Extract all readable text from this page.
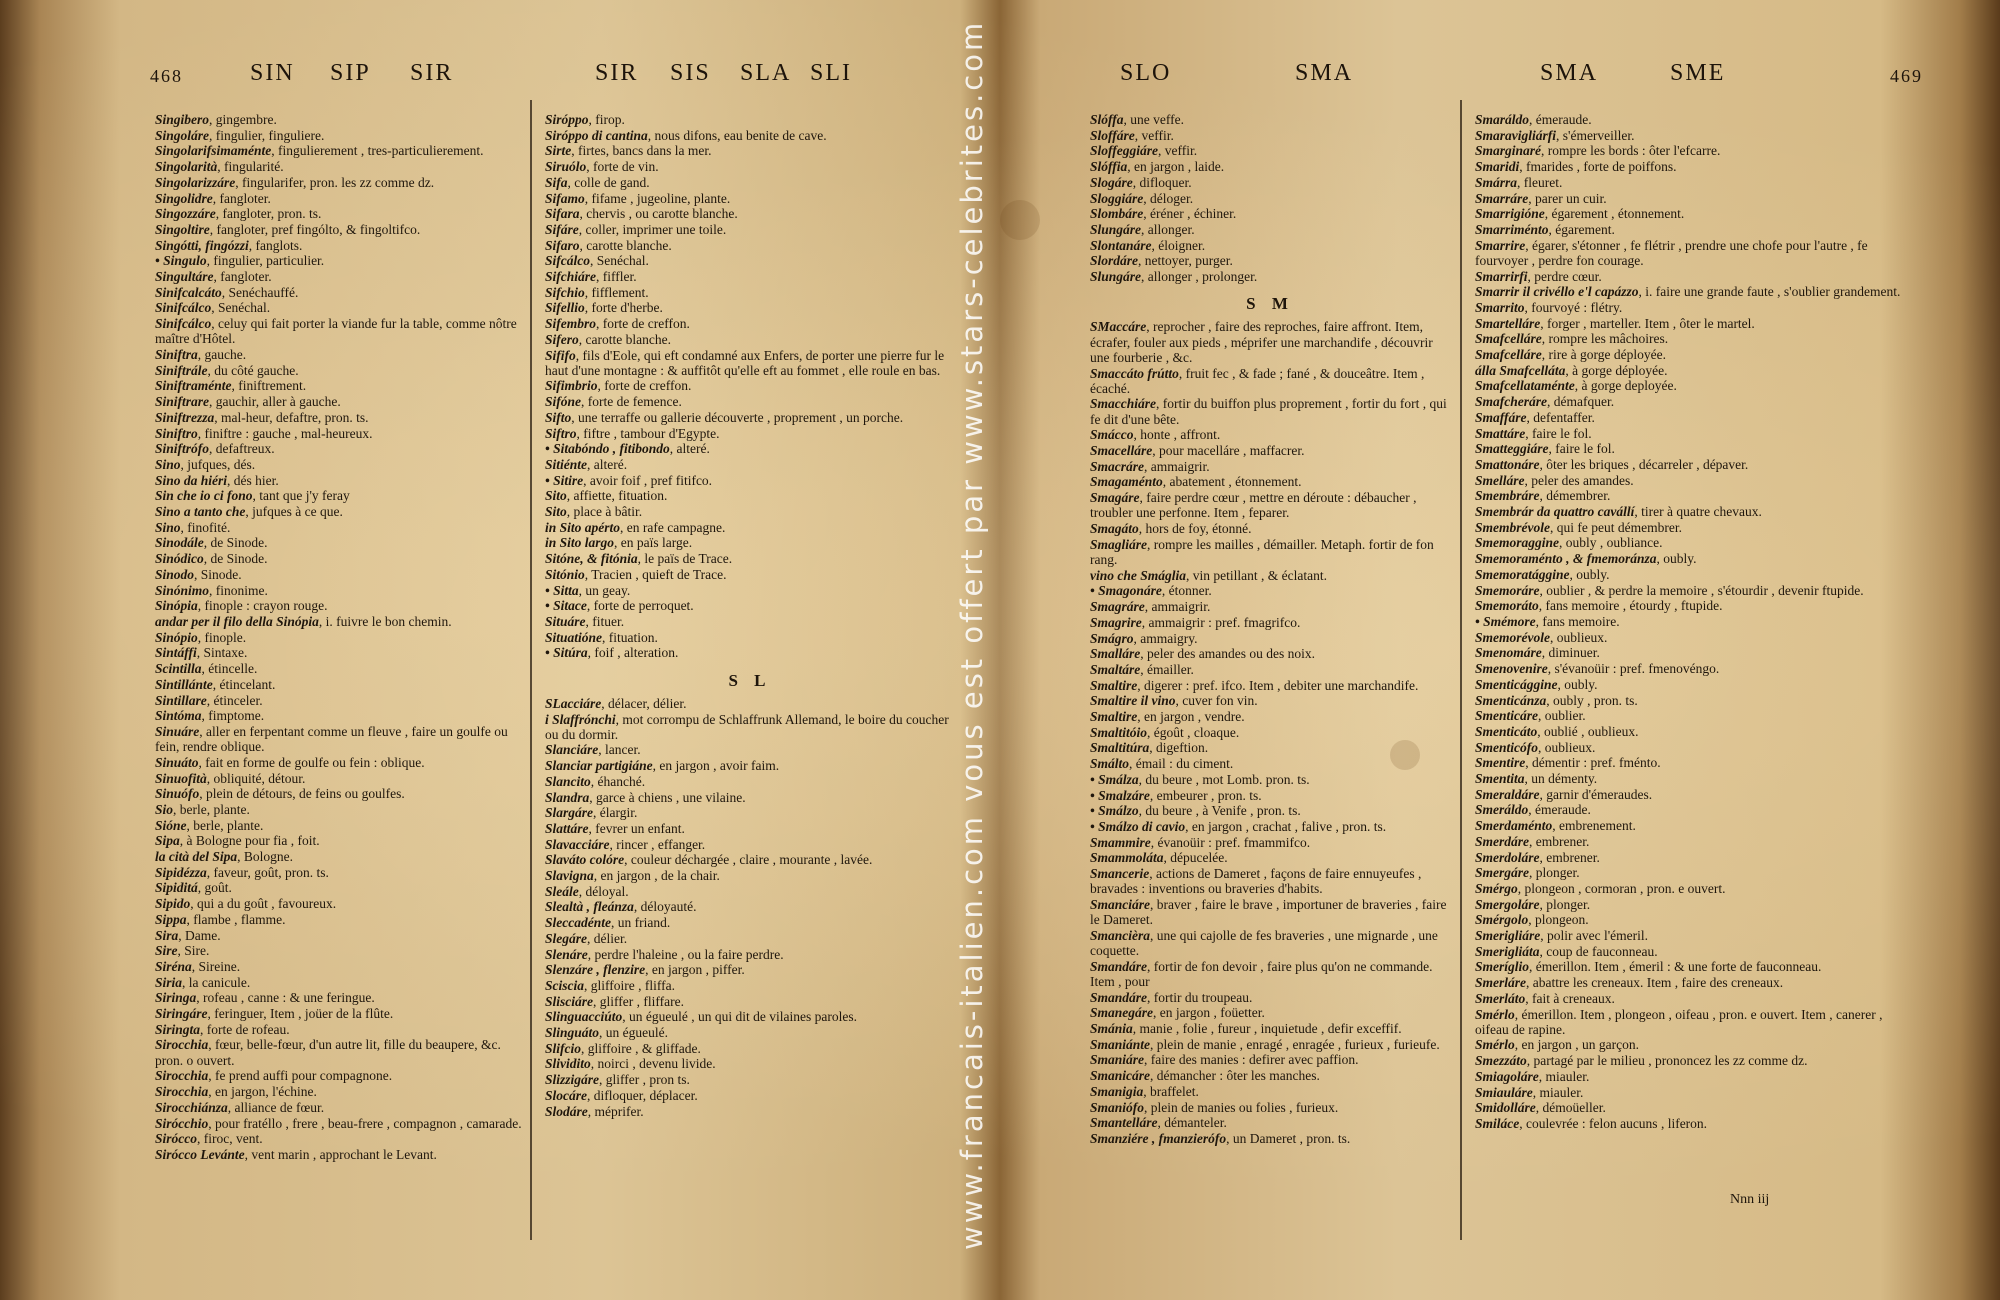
468	SIN SIP SIR	SIR SIS SLA SLI
Singibero, gingembre.
Singoláre, fingulier, finguliere.
Singolarifsimaménte, fingulierement , tres-particulierement.
Singolarità, fingularité.
Singolarizzáre, fingularifer, pron. les zz comme dz.
Singolidre, fangloter.
Singozzáre, fangloter, pron. ts.
Singoltire, fangloter, pref fingólto, & fingoltifco.
Singótti, fingózzi, fanglots.
• Singulo, fingulier, particulier.
Singultáre, fangloter.
Sinifcalcáto, Senéchauffé.
Sinifcálco, Senéchal.
Sinifcálco, celuy qui fait porter la viande fur la table, comme nôtre maître d'Hôtel.
Siniftra, gauche.
Siniftrále, du côté gauche.
Siniftraménte, finiftrement.
Siniftrare, gauchir, aller à gauche.
Siniftrezza, mal-heur, defaftre, pron. ts.
Siniftro, finiftre : gauche , mal-heureux.
Siniftrófo, defaftreux.
Sino, jufques, dés.
Sino da hiéri, dés hier.
Sin che io ci fono, tant que j'y feray
Sino a tanto che, jufques à ce que.
Sino, finofité.
Sinodále, de Sinode.
Sinódico, de Sinode.
Sinodo, Sinode.
Sinónimo, finonime.
Sinópia, finople : crayon rouge.
andar per il filo della Sinópia, i. fuivre le bon chemin.
Sinópio, finople.
Sintáffi, Sintaxe.
Scintilla, étincelle.
Sintillánte, étincelant.
Sintillare, étinceler.
Sintóma, fimptome.
Sinuáre, aller en ferpentant comme un fleuve , faire un goulfe ou fein, rendre oblique.
Sinuáto, fait en forme de goulfe ou fein : oblique.
Sinuofità, obliquité, détour.
Sinuófo, plein de détours, de feins ou goulfes.
Sio, berle, plante.
Sióne, berle, plante.
Sipa, à Bologne pour fia , foit.
la cità del Sipa, Bologne.
Sipidézza, faveur, goût, pron. ts.
Sipiditá, goût.
Sipido, qui a du goût , favoureux.
Sippa, flambe , flamme.
Sira, Dame.
Sire, Sire.
Siréna, Sireine.
Siria, la canicule.
Siringa, rofeau , canne : & une feringue.
Siringáre, feringuer, Item , joüer de la flûte.
Siringta, forte de rofeau.
Sirocchia, fœur, belle-fœur, d'un autre lit, fille du beaupere, &c. pron. o ouvert.
Sirocchia, fe prend auffi pour compagnone.
Sirocchia, en jargon, l'échine.
Sirocchiánza, alliance de fœur.
Sirócchio, pour fratéllo , frere , beau-frere , compagnon , camarade.
Sirócco, firoc, vent.
Sirócco Levánte, vent marin , approchant le Levant.
Siróppo, firop.
Siróppo di cantina, nous difons, eau benite de cave.
Sirte, firtes, bancs dans la mer.
Siruólo, forte de vin.
Sifa, colle de gand.
Sifamo, fifame , jugeoline, plante.
Sifara, chervis , ou carotte blanche.
Sifáre, coller, imprimer une toile.
Sifaro, carotte blanche.
Sifcálco, Senéchal.
Sifchiáre, fiffler.
Sifchio, fifflement.
Sifellio, forte d'herbe.
Sifembro, forte de creffon.
Sifero, carotte blanche.
Sififo, fils d'Eole, qui eft condamné aux Enfers, de porter une pierre fur le haut d'une montagne : & auffitôt qu'elle eft au fommet , elle roule en bas.
Sifimbrio, forte de creffon.
Sifóne, forte de femence.
Sifto, une terraffe ou gallerie découverte , proprement , un porche.
Siftro, fiftre , tambour d'Egypte.
• Sitabóndo , fitibondo, alteré.
Sitiénte, alteré.
• Sitire, avoir foif , pref fitifco.
Sito, affiette, fituation.
Sito, place à bâtir.
in Sito apérto, en rafe campagne.
in Sito largo, en païs large.
Sitóne, & fitónia, le païs de Trace.
Sitónio, Tracien , quieft de Trace.
• Sitta, un geay.
• Sitace, forte de perroquet.
Situáre, fituer.
Situatióne, fituation.
• Sitúra, foif , alteration.
S L
SLacciáre, délacer, délier.
i Slaffrónchi, mot corrompu de Schlaffrunk Allemand, le boire du coucher ou du dormir.
Slanciáre, lancer.
Slanciar partigiáne, en jargon , avoir faim.
Slancito, éhanché.
Slandra, garce à chiens , une vilaine.
Slargáre, élargir.
Slattáre, fevrer un enfant.
Slavacciáre, rincer , effanger.
Slaváto colóre, couleur déchargée , claire , mourante , lavée.
Slavigna, en jargon , de la chair.
Sleále, déloyal.
Slealtà , fleánza, déloyauté.
Sleccadénte, un friand.
Slegáre, délier.
Slenáre, perdre l'haleine , ou la faire perdre.
Slenzáre , flenzire, en jargon , piffer.
Sciscia, gliffoire , fliffa.
Slisciáre, gliffer , fliffare.
Slinguacciúto, un égueulé , un qui dit de vilaines paroles.
Slinguáto, un égueulé.
Slifcio, gliffoire , & gliffade.
Slividito, noirci , devenu livide.
Slizzigáre, gliffer , pron ts.
Slocáre, difloquer, déplacer.
Slodáre, méprifer.
SLO	SMA	SMA	SME	469
Slóffa, une veffe.
Sloffáre, veffir.
Sloffeggiáre, veffir.
Slóffia, en jargon , laide.
Slogáre, difloquer.
Sloggiáre, déloger.
Slombáre, éréner , échiner.
Slungáre, allonger.
Slontanáre, éloigner.
Slordáre, nettoyer, purger.
Slungáre, allonger , prolonger.
S M
SMaccáre, reprocher , faire des reproches, faire affront. Item, écrafer, fouler aux pieds , méprifer une marchandife , découvrir une fourberie , &c.
Smaccáto frútto, fruit fec , & fade ; fané , & douceâtre. Item , écaché.
Smacchiáre, fortir du buiffon plus proprement , fortir du fort , qui fe dit d'une bête.
Smácco, honte , affront.
Smacelláre, pour macelláre , maffacrer.
Smacráre, ammaigrir.
Smagaménto, abatement , étonnement.
Smagáre, faire perdre cœur , mettre en déroute : débaucher , troubler une perfonne. Item , feparer.
Smagáto, hors de foy, étonné.
Smagliáre, rompre les mailles , démailler. Metaph. fortir de fon rang.
vino che Smáglia, vin petillant , & éclatant.
• Smagonáre, étonner.
Smagráre, ammaigrir.
Smagrire, ammaigrir : pref. fmagrifco.
Smágro, ammaigry.
Smalláre, peler des amandes ou des noix.
Smaltáre, émailler.
Smaltire, digerer : pref. ifco. Item , debiter une marchandife.
Smaltire il vino, cuver fon vin.
Smaltire, en jargon , vendre.
Smaltitóio, égoût , cloaque.
Smaltitúra, digeftion.
Smálto, émail : du ciment.
• Smálza, du beure , mot Lomb. pron. ts.
• Smalzáre, embeurer , pron. ts.
• Smálzo, du beure , à Venife , pron. ts.
• Smálzo di cavio, en jargon , crachat , falive , pron. ts.
Smammire, évanoüir : pref. fmammifco.
Smammoláta, dépucelée.
Smancerie, actions de Dameret , façons de faire ennuyeufes , bravades : inventions ou braveries d'habits.
Smanciáre, braver , faire le brave , importuner de braveries , faire le Dameret.
Smancièra, une qui cajolle de fes braveries , une mignarde , une coquette.
Smandáre, fortir de fon devoir , faire plus qu'on ne commande. Item , pour
Smandáre, fortir du troupeau.
Smanegáre, en jargon , foüetter.
Smánia, manie , folie , fureur , inquietude , defir exceffif.
Smaniánte, plein de manie , enragé , enragée , furieux , furieufe.
Smaniáre, faire des manies : defirer avec paffion.
Smanicáre, démancher : ôter les manches.
Smanigia, braffelet.
Smaniófo, plein de manies ou folies , furieux.
Smantelláre, démanteler.
Smanziére , fmanzierófo, un Dameret , pron. ts.
Smaráldo, émeraude.
Smaravigliárfi, s'émerveiller.
Smarginaré, rompre les bords : ôter l'efcarre.
Smaridi, fmarides , forte de poiffons.
Smárra, fleuret.
Smarráre, parer un cuir.
Smarrigióne, égarement , étonnement.
Smarriménto, égarement.
Smarrire, égarer, s'étonner , fe flétrir , prendre une chofe pour l'autre , fe fourvoyer , perdre fon courage.
Smarrirfi, perdre cœur.
Smarrir il crivéllo e'l capázzo, i. faire une grande faute , s'oublier grandement.
Smarrito, fourvoyé : flétry.
Smartelláre, forger , marteller. Item , ôter le martel.
Smafcelláre, rompre les mâchoires.
Smafcelláre, rire à gorge déployée.
álla Smafcelláta, à gorge déployée.
Smafcellataménte, à gorge deployée.
Smafcheráre, démafquer.
Smaffáre, defentaffer.
Smattáre, faire le fol.
Smatteggiáre, faire le fol.
Smattonáre, ôter les briques , décarreler , dépaver.
Smelláre, peler des amandes.
Smembráre, démembrer.
Smembrár da quattro cavállí, tirer à quatre chevaux.
Smembrévole, qui fe peut démembrer.
Smemoraggine, oubly , oubliance.
Smemoraménto , & fmemoránza, oubly.
Smemoratággine, oubly.
Smemoráre, oublier , & perdre la memoire , s'étourdir , devenir ftupide.
Smemoráto, fans memoire , étourdy , ftupide.
• Smémore, fans memoire.
Smemorévole, oublieux.
Smenomáre, diminuer.
Smenovenire, s'évanoüir : pref. fmenovéngo.
Smenticággine, oubly.
Smenticánza, oubly , pron. ts.
Smenticáre, oublier.
Smenticáto, oublié , oublieux.
Smenticófo, oublieux.
Smentire, démentir : pref. fménto.
Smentita, un démenty.
Smeraldáre, garnir d'émeraudes.
Smeráldo, émeraude.
Smerdaménto, embrenement.
Smerdáre, embrener.
Smerdoláre, embrener.
Smergáre, plonger.
Smérgo, plongeon , cormoran , pron. e ouvert.
Smergoláre, plonger.
Smérgolo, plongeon.
Smerigliáre, polir avec l'émeril.
Smerigliáta, coup de fauconneau.
Smeríglio, émerillon. Item , émeril : & une forte de fauconneau.
Smerláre, abattre les creneaux. Item , faire des creneaux.
Smerláto, fait à creneaux.
Smérlo, émerillon. Item , plongeon , oifeau , pron. e ouvert. Item , canerer , oifeau de rapine.
Smérlo, en jargon , un garçon.
Smezzáto, partagé par le milieu , prononcez les zz comme dz.
Smiagoláre, miauler.
Smiauláre, miauler.
Smidolláre, démoüeller.
Smiláce, coulevrée : felon aucuns , liferon.
Nnn iij
www.francais-italien.com vous est offert par www.stars-celebrites.com
